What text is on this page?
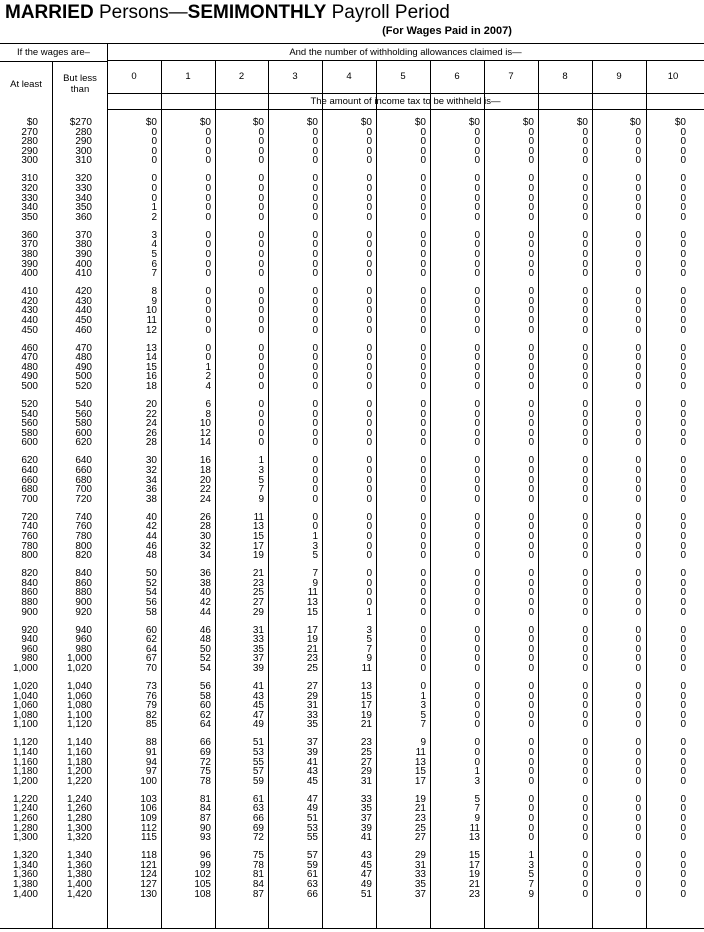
MARRIED Persons—SEMIMONTHLY Payroll Period
(For Wages Paid in 2007)
If the wages are–	And the number of withholding allowances claimed is—
At least
But less than
0	1	2	3	4	5	6	7	8	9	10
The amount of income tax to be withheld is—
$0	$270	$0	$0	$0	$0	$0	$0	$0	$0	$0	$0	$0
270	280	0	0	0	0	0	0	0	0	0	0	0
280	290	0	0	0	0	0	0	0	0	0	0	0
290	300	0	0	0	0	0	0	0	0	0	0	0
300	310	0	0	0	0	0	0	0	0	0	0	0
310	320	0	0	0	0	0	0	0	0	0	0	0
320	330	0	0	0	0	0	0	0	0	0	0	0
330	340	0	0	0	0	0	0	0	0	0	0	0
340	350	1	0	0	0	0	0	0	0	0	0	0
350	360	2	0	0	0	0	0	0	0	0	0	0
360	370	3	0	0	0	0	0	0	0	0	0	0
370	380	4	0	0	0	0	0	0	0	0	0	0
380	390	5	0	0	0	0	0	0	0	0	0	0
390	400	6	0	0	0	0	0	0	0	0	0	0
400	410	7	0	0	0	0	0	0	0	0	0	0
410	420	8	0	0	0	0	0	0	0	0	0	0
420	430	9	0	0	0	0	0	0	0	0	0	0
430	440	10	0	0	0	0	0	0	0	0	0	0
440	450	11	0	0	0	0	0	0	0	0	0	0
450	460	12	0	0	0	0	0	0	0	0	0	0
460	470	13	0	0	0	0	0	0	0	0	0	0
470	480	14	0	0	0	0	0	0	0	0	0	0
480	490	15	1	0	0	0	0	0	0	0	0	0
490	500	16	2	0	0	0	0	0	0	0	0	0
500	520	18	4	0	0	0	0	0	0	0	0	0
520	540	20	6	0	0	0	0	0	0	0	0	0
540	560	22	8	0	0	0	0	0	0	0	0	0
560	580	24	10	0	0	0	0	0	0	0	0	0
580	600	26	12	0	0	0	0	0	0	0	0	0
600	620	28	14	0	0	0	0	0	0	0	0	0
620	640	30	16	1	0	0	0	0	0	0	0	0
640	660	32	18	3	0	0	0	0	0	0	0	0
660	680	34	20	5	0	0	0	0	0	0	0	0
680	700	36	22	7	0	0	0	0	0	0	0	0
700	720	38	24	9	0	0	0	0	0	0	0	0
720	740	40	26	11	0	0	0	0	0	0	0	0
740	760	42	28	13	0	0	0	0	0	0	0	0
760	780	44	30	15	1	0	0	0	0	0	0	0
780	800	46	32	17	3	0	0	0	0	0	0	0
800	820	48	34	19	5	0	0	0	0	0	0	0
820	840	50	36	21	7	0	0	0	0	0	0	0
840	860	52	38	23	9	0	0	0	0	0	0	0
860	880	54	40	25	11	0	0	0	0	0	0	0
880	900	56	42	27	13	0	0	0	0	0	0	0
900	920	58	44	29	15	1	0	0	0	0	0	0
920	940	60	46	31	17	3	0	0	0	0	0	0
940	960	62	48	33	19	5	0	0	0	0	0	0
960	980	64	50	35	21	7	0	0	0	0	0	0
980	1,000	67	52	37	23	9	0	0	0	0	0	0
1,000	1,020	70	54	39	25	11	0	0	0	0	0	0
1,020	1,040	73	56	41	27	13	0	0	0	0	0	0
1,040	1,060	76	58	43	29	15	1	0	0	0	0	0
1,060	1,080	79	60	45	31	17	3	0	0	0	0	0
1,080	1,100	82	62	47	33	19	5	0	0	0	0	0
1,100	1,120	85	64	49	35	21	7	0	0	0	0	0
1,120	1,140	88	66	51	37	23	9	0	0	0	0	0
1,140	1,160	91	69	53	39	25	11	0	0	0	0	0
1,160	1,180	94	72	55	41	27	13	0	0	0	0	0
1,180	1,200	97	75	57	43	29	15	1	0	0	0	0
1,200	1,220	100	78	59	45	31	17	3	0	0	0	0
1,220	1,240	103	81	61	47	33	19	5	0	0	0	0
1,240	1,260	106	84	63	49	35	21	7	0	0	0	0
1,260	1,280	109	87	66	51	37	23	9	0	0	0	0
1,280	1,300	112	90	69	53	39	25	11	0	0	0	0
1,300	1,320	115	93	72	55	41	27	13	0	0	0	0
1,320	1,340	118	96	75	57	43	29	15	1	0	0	0
1,340	1,360	121	99	78	59	45	31	17	3	0	0	0
1,360	1,380	124	102	81	61	47	33	19	5	0	0	0
1,380	1,400	127	105	84	63	49	35	21	7	0	0	0
1,400	1,420	130	108	87	66	51	37	23	9	0	0	0
